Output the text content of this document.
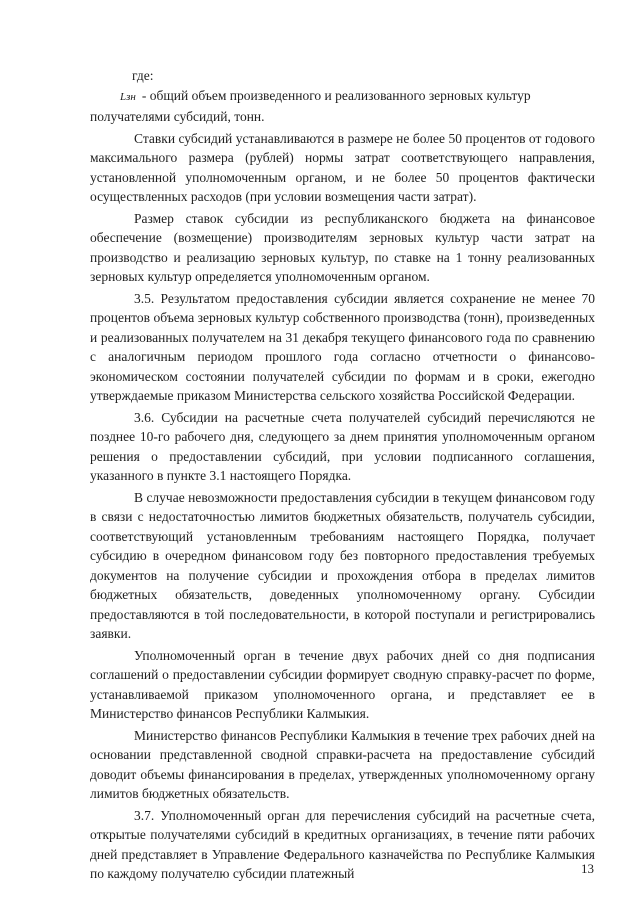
где:

Lзн - общий объем произведенного и реализованного зерновых культур получателями субсидий, тонн.

Ставки субсидий устанавливаются в размере не более 50 процентов от годового максимального размера (рублей) нормы затрат соответствующего направления, установленной уполномоченным органом, и не более 50 процентов фактически осуществленных расходов (при условии возмещения части затрат).

Размер ставок субсидии из республиканского бюджета на финансовое обеспечение (возмещение) производителям зерновых культур части затрат на производство и реализацию зерновых культур, по ставке на 1 тонну реализованных зерновых культур определяется уполномоченным органом.

3.5. Результатом предоставления субсидии является сохранение не менее 70 процентов объема зерновых культур собственного производства (тонн), произведенных и реализованных получателем на 31 декабря текущего финансового года по сравнению с аналогичным периодом прошлого года согласно отчетности о финансово-экономическом состоянии получателей субсидии по формам и в сроки, ежегодно утверждаемые приказом Министерства сельского хозяйства Российской Федерации.

3.6. Субсидии на расчетные счета получателей субсидий перечисляются не позднее 10-го рабочего дня, следующего за днем принятия уполномоченным органом решения о предоставлении субсидий, при условии подписанного соглашения, указанного в пункте 3.1 настоящего Порядка.

В случае невозможности предоставления субсидии в текущем финансовом году в связи с недостаточностью лимитов бюджетных обязательств, получатель субсидии, соответствующий установленным требованиям настоящего Порядка, получает субсидию в очередном финансовом году без повторного предоставления требуемых документов на получение субсидии и прохождения отбора в пределах лимитов бюджетных обязательств, доведенных уполномоченному органу. Субсидии предоставляются в той последовательности, в которой поступали и регистрировались заявки.

Уполномоченный орган в течение двух рабочих дней со дня подписания соглашений о предоставлении субсидии формирует сводную справку-расчет по форме, устанавливаемой приказом уполномоченного органа, и представляет ее в Министерство финансов Республики Калмыкия.

Министерство финансов Республики Калмыкия в течение трех рабочих дней на основании представленной сводной справки-расчета на предоставление субсидий доводит объемы финансирования в пределах, утвержденных уполномоченному органу лимитов бюджетных обязательств.

3.7. Уполномоченный орган для перечисления субсидий на расчетные счета, открытые получателями субсидий в кредитных организациях, в течение пяти рабочих дней представляет в Управление Федерального казначейства по Республике Калмыкия по каждому получателю субсидии платежный	13
